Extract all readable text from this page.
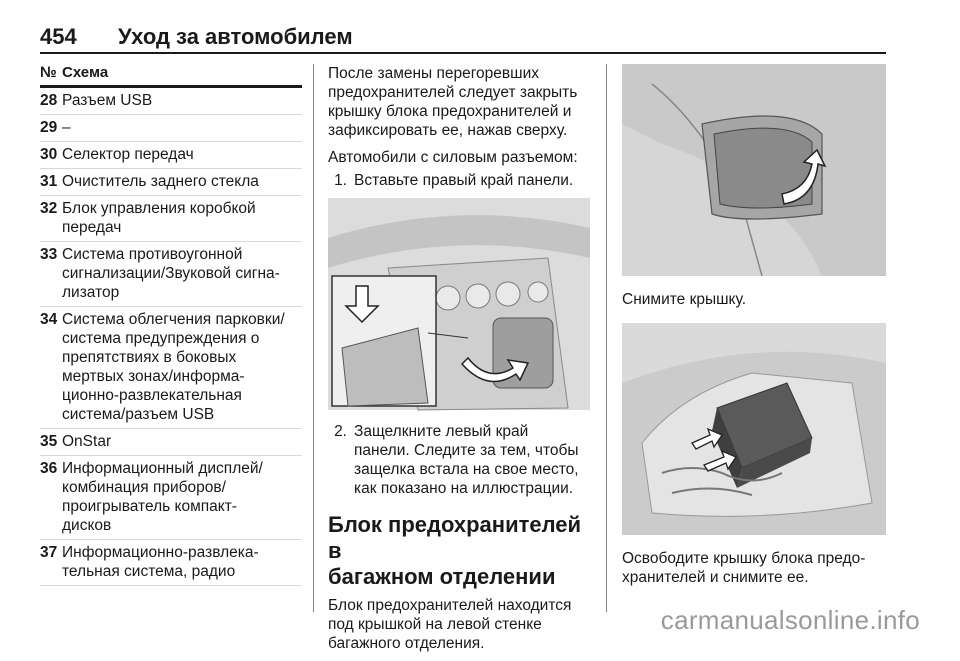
454 Уход за автомобилем
№ Схема
28 Разъем USB
29 –
30 Селектор передач
31 Очиститель заднего стекла
32 Блок управления коробкой
передач
33 Система противоугонной
сигнализации/Звуковой сигна-
лизатор
34 Система облегчения парковки/
система предупреждения о
препятствиях в боковых
мертвых зонах/информа-
ционно-развлекательная
система/разъем USB
35 OnStar
36 Информационный дисплей/
комбинация приборов/
проигрыватель компакт-
дисков
37 Информационно-развлека-
тельная система, радио
После замены перегоревших
предохранителей следует закрыть
крышку блока предохранителей и
зафиксировать ее, нажав сверху.
Автомобили с силовым разъемом:
1. Вставьте правый край панели.
2. Защелкните левый край
панели. Следите за тем, чтобы
защелка встала на свое место,
как показано на иллюстрации.
Блок предохранителей в
багажном отделении
Блок предохранителей находится
под крышкой на левой стенке
багажного отделения.
Снимите крышку.
Освободите крышку блока предо-
хранителей и снимите ее.
carmanualsonline.info
